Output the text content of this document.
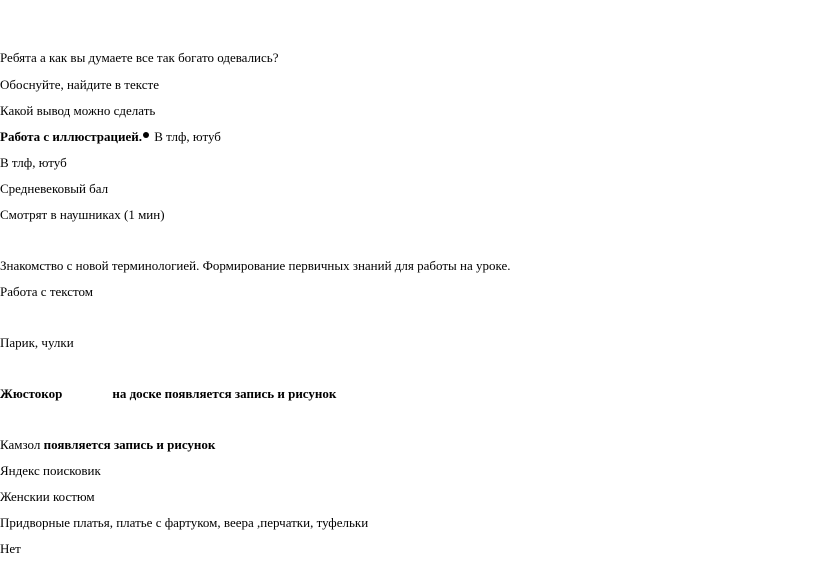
Ребята а как вы думаете все так богато одевались?
Обоснуйте, найдите в тексте
Какой вывод можно сделать
Работа с иллюстрацией. В тлф, ютуб
В тлф, ютуб
Средневековый бал
Смотрят в наушниках (1 мин)
Знакомство с новой терминологией. Формирование первичных знаний для работы на уроке.
Работа с текстом
Парик, чулки
Жюстокор	на доске появляется запись и рисунок
Камзол появляется запись и рисунок
Яндекс поисковик
Женскии костюм
Придворные платья, платье с фартуком, веера ,перчатки, туфельки
Нет
